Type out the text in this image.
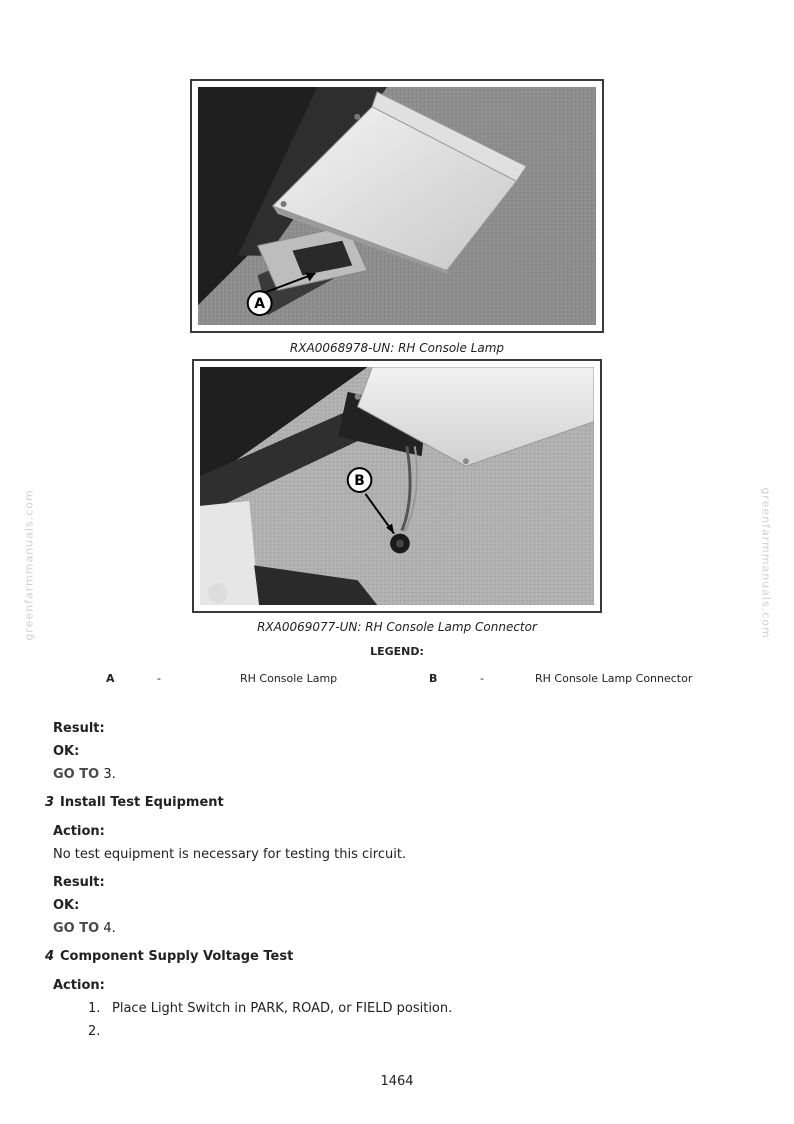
A
RXA0068978-UN: RH Console Lamp
B
RXA0069077-UN: RH Console Lamp Connector
LEGEND:
A	-	RH Console Lamp	B	-	RH Console Lamp Connector
greenfarmmanuals.com	greenfarmmanuals.com
Result:
OK:
GO TO 3.
3 Install Test Equipment
Action:
No test equipment is necessary for testing this circuit.
Result:
OK:
GO TO 4.
4 Component Supply Voltage Test
Action:
1. Place Light Switch in PARK, ROAD, or FIELD position.
2.
1464
